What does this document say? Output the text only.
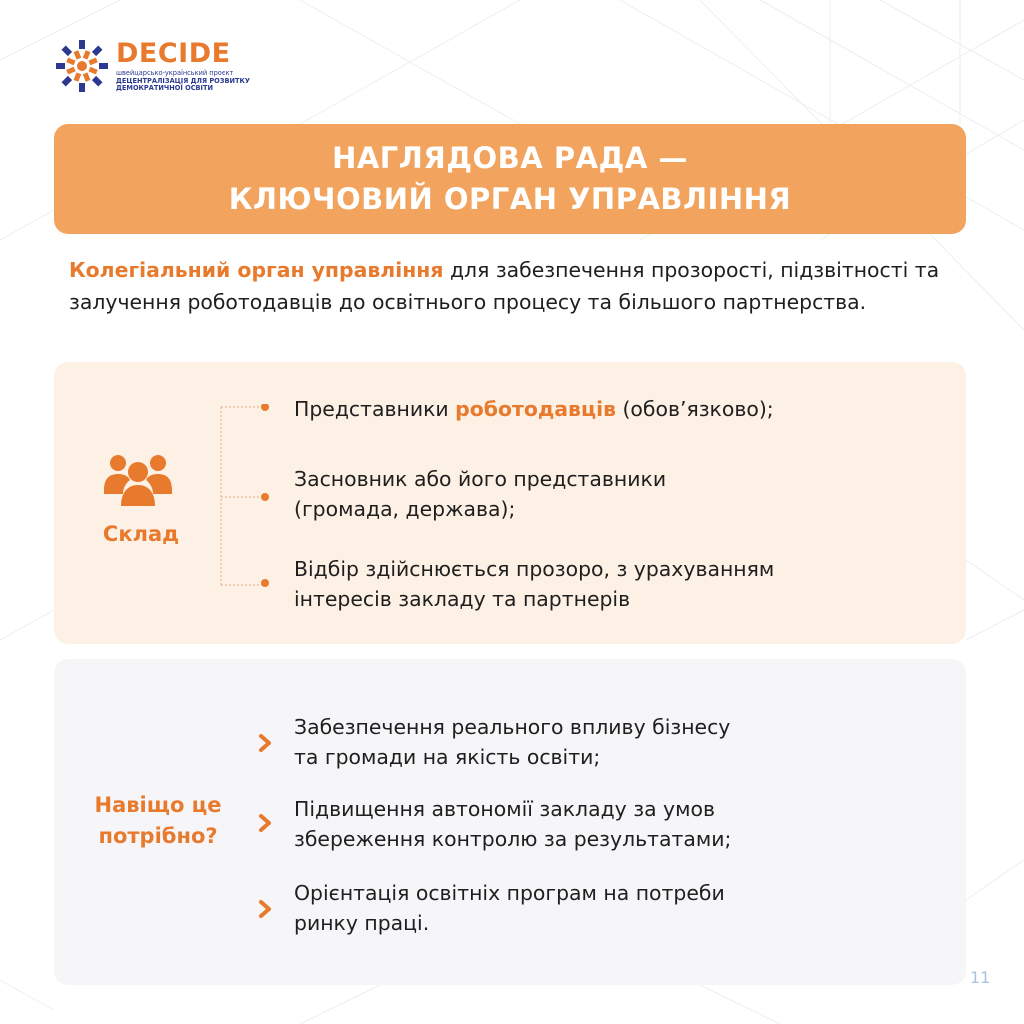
DECIDE
швейцарсько-український проєкт
ДЕЦЕНТРАЛІЗАЦІЯ ДЛЯ РОЗВИТКУ
ДЕМОКРАТИЧНОЇ ОСВІТИ
НАГЛЯДОВА РАДА —
КЛЮЧОВИЙ ОРГАН УПРАВЛІННЯ

Колегіальний орган управління для забезпечення прозорості, підзвітності та залучення роботодавців до освітнього процесу та більшого партнерства.

Склад
Представники роботодавців (обов’язково);
Засновник або його представники
(громада, держава);
Відбір здійснюється прозоро, з урахуванням
інтересів закладу та партнерів
Навіщо це
потрібно?
Забезпечення реального впливу бізнесу
та громади на якість освіти;
Підвищення автономії закладу за умов
збереження контролю за результатами;
Орієнтація освітніх програм на потреби
ринку праці.
11
